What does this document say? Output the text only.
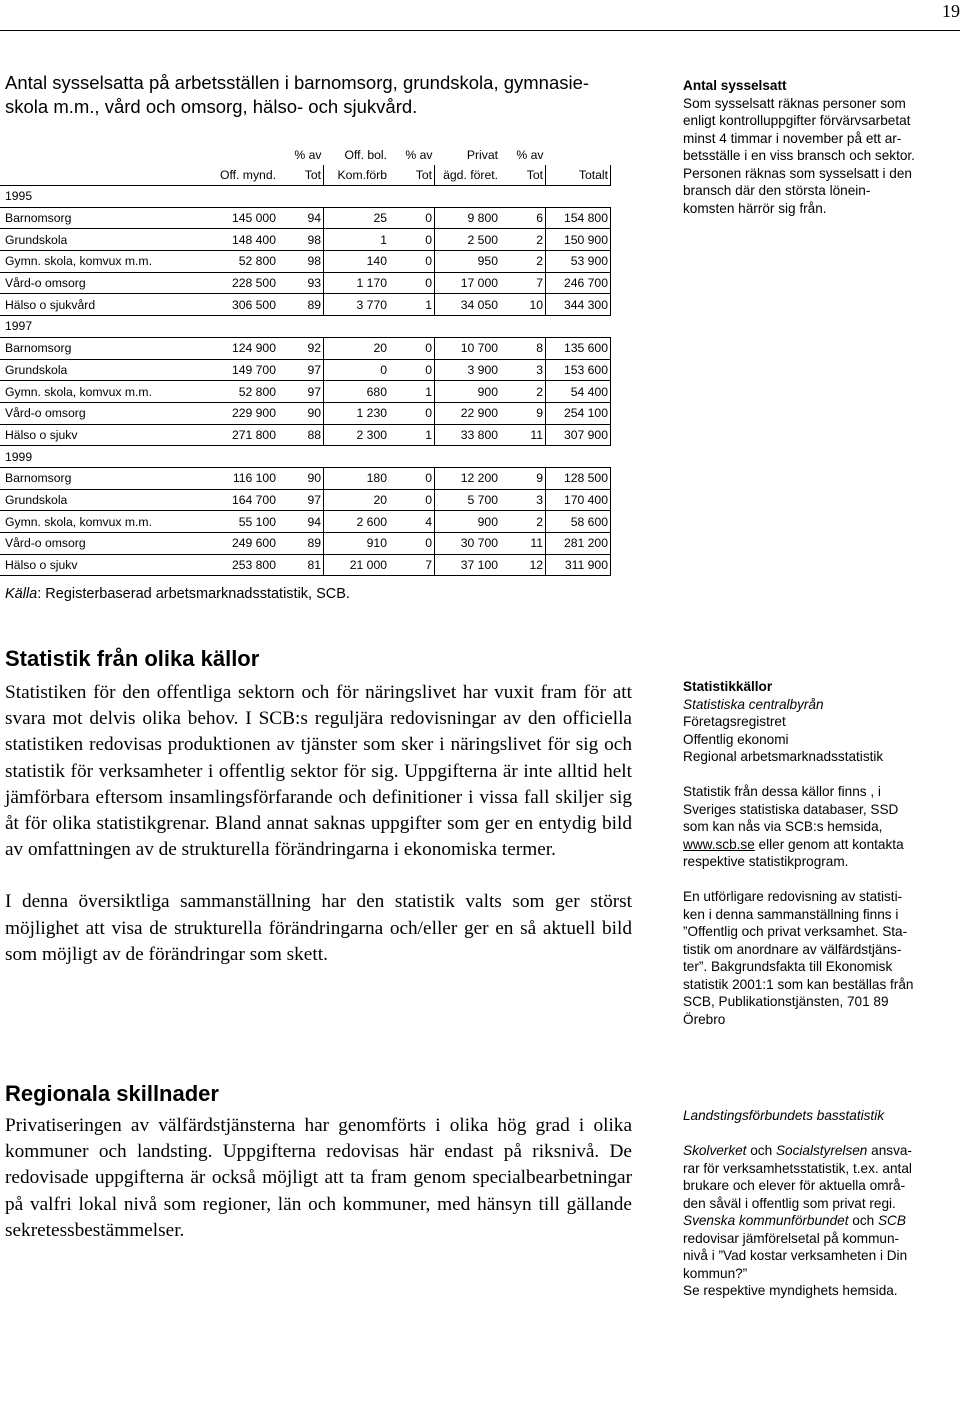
19
Antal sysselsatta på arbetsställen i barnomsorg, grundskola, gymnasie-
skola m.m., vård och omsorg, hälso- och sjukvård.
		% av	Off. bol.	% av	Privat	% av	
	Off. mynd.	Tot	Kom.förb	Tot	ägd. föret.	Tot	Totalt
1995							
Barnomsorg	145 000	94	25	0	9 800	6	154 800
Grundskola	148 400	98	1	0	2 500	2	150 900
Gymn. skola, komvux m.m.	52 800	98	140	0	950	2	53 900
Vård-o omsorg	228 500	93	1 170	0	17 000	7	246 700
Hälso o sjukvård	306 500	89	3 770	1	34 050	10	344 300
1997							
Barnomsorg	124 900	92	20	0	10 700	8	135 600
Grundskola	149 700	97	0	0	3 900	3	153 600
Gymn. skola, komvux m.m.	52 800	97	680	1	900	2	54 400
Vård-o omsorg	229 900	90	1 230	0	22 900	9	254 100
Hälso o sjukv	271 800	88	2 300	1	33 800	11	307 900
1999							
Barnomsorg	116 100	90	180	0	12 200	9	128 500
Grundskola	164 700	97	20	0	5 700	3	170 400
Gymn. skola, komvux m.m.	55 100	94	2 600	4	900	2	58 600
Vård-o omsorg	249 600	89	910	0	30 700	11	281 200
Hälso o sjukv	253 800	81	21 000	7	37 100	12	311 900
Källa: Registerbaserad arbetsmarknadsstatistik, SCB.

Antal sysselsatt

Som sysselsatt räknas personer som

enligt kontrolluppgifter förvärvsarbetat

minst 4 timmar i november på ett ar-

betsställe i en viss bransch och sektor.

Personen räknas som sysselsatt i den

bransch där den största lönein-

komsten härrör sig från.

Statistik från olika källor

Statistiken för den offentliga sektorn och för näringslivet har vuxit fram för att svara mot delvis olika behov. I SCB:s reguljära redovisningar av den officiella statistiken redovisas produktionen av tjänster som sker i näringslivet för sig och statistik för verksamheter i offentlig sektor för sig. Uppgifterna är inte alltid helt jämförbara eftersom insamlingsförfarande och definitioner i vissa fall skiljer sig åt för olika statistikgrenar. Bland annat saknas uppgifter som ger en entydig bild av omfattningen av de strukturella förändringarna i ekonomiska termer.

I denna översiktliga sammanställning har den statistik valts som ger störst möjlighet att visa de strukturella förändringarna och/eller ger en så aktuell bild som möjligt av de förändringar som skett.

Statistikkällor

Statistiska centralbyrån

Företagsregistret

Offentlig ekonomi

Regional arbetsmarknadsstatistik

Statistik från dessa källor finns , i

Sveriges statistiska databaser, SSD

som kan nås via SCB:s hemsida,

www.scb.se eller genom att kontakta

respektive statistikprogram.

En utförligare redovisning av statisti-

ken i denna sammanställning finns i

”Offentlig och privat verksamhet. Sta-

tistik om anordnare av välfärdstjäns-

ter”. Bakgrundsfakta till Ekonomisk

statistik 2001:1 som kan beställas från

SCB, Publikationstjänsten, 701 89

Örebro

Regionala skillnader

Privatiseringen av välfärdstjänsterna har genomförts i olika hög grad i olika kommuner och landsting. Uppgifterna redovisas här endast på riksnivå. De redovisade uppgifterna är också möjligt att ta fram genom specialbearbetningar på valfri lokal nivå som regioner, län och kommuner, med hänsyn till gällande sekretessbestämmelser.

Landstingsförbundets basstatistik

Skolverket och Socialstyrelsen ansva-

rar för verksamhetsstatistik, t.ex. antal

brukare och elever för aktuella områ-

den såväl i offentlig som privat regi.

Svenska kommunförbundet och SCB

redovisar jämförelsetal på kommun-

nivå i ”Vad kostar verksamheten i Din

kommun?”

Se respektive myndighets hemsida.
